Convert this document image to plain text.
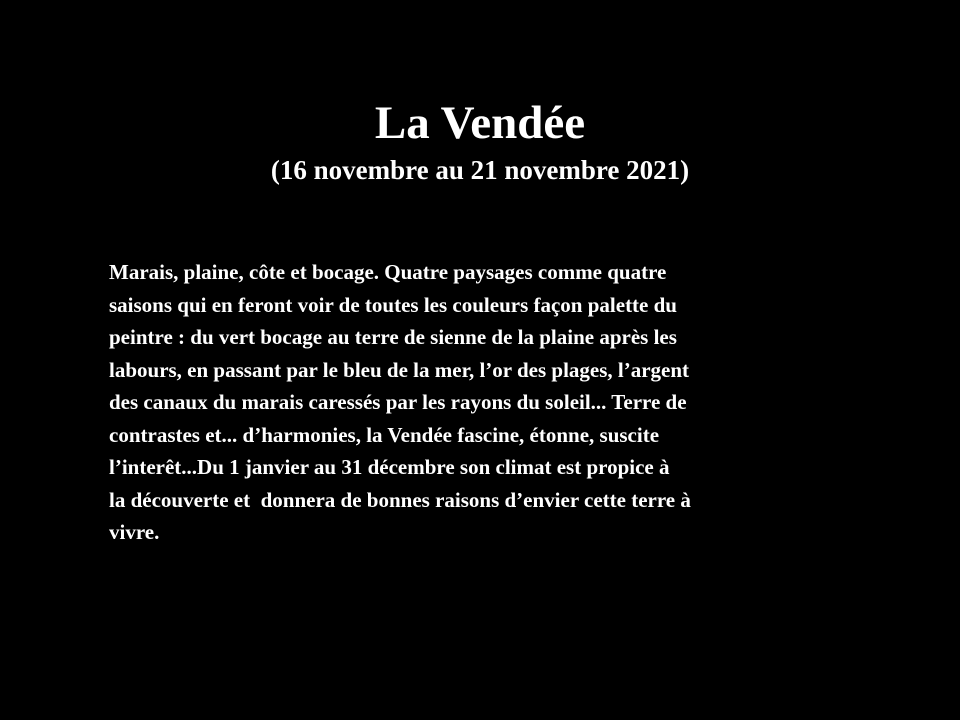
La Vendée
(16 novembre au 21 novembre 2021)
Marais, plaine, côte et bocage. Quatre paysages comme quatre
saisons qui en feront voir de toutes les couleurs façon palette du
peintre : du vert bocage au terre de sienne de la plaine après les
labours, en passant par le bleu de la mer, l’or des plages, l’argent
des canaux du marais caressés par les rayons du soleil... Terre de
contrastes et... d’harmonies, la Vendée fascine, étonne, suscite
l’interêt...Du 1 janvier au 31 décembre son climat est propice à
la découverte et  donnera de bonnes raisons d’envier cette terre à
vivre.
